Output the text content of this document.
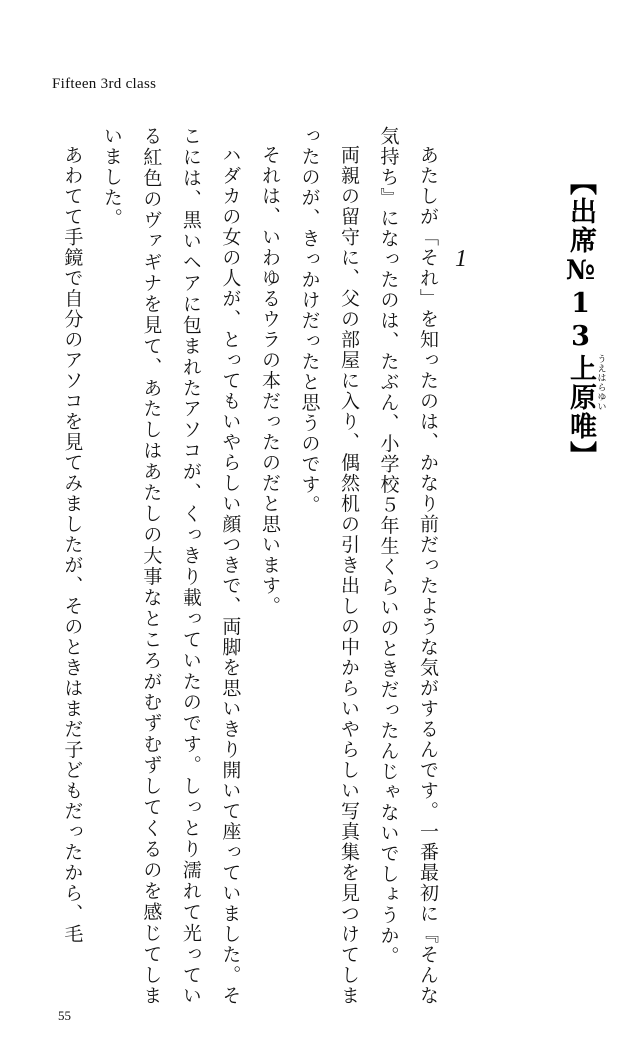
Fifteen 3rd class
【出席№13上原唯 うえはらゆい
】
1

あたしが「それ」を知ったのは、かなり前だったような気がするんです。一番最初に『そんな気持ち』になったのは、たぶん、小学校５年生くらいのときだったんじゃないでしょうか。

両親の留守に、父の部屋に入り、偶然机の引き出しの中からいやらしい写真集を見つけてしまったのが、きっかけだったと思うのです。

それは、いわゆるウラの本だったのだと思います。

ハダカの女の人が、とってもいやらしい顔つきで、両脚を思いきり開いて座っていました。そこには、黒いヘアに包まれたアソコが、くっきり載っていたのです。しっとり濡れて光っている紅色のヴァギナを見て、あたしはあたしの大事なところがむずむずしてくるのを感じてしまいました。

あわてて手鏡で自分のアソコを見てみましたが、そのときはまだ子どもだったから、毛

55
